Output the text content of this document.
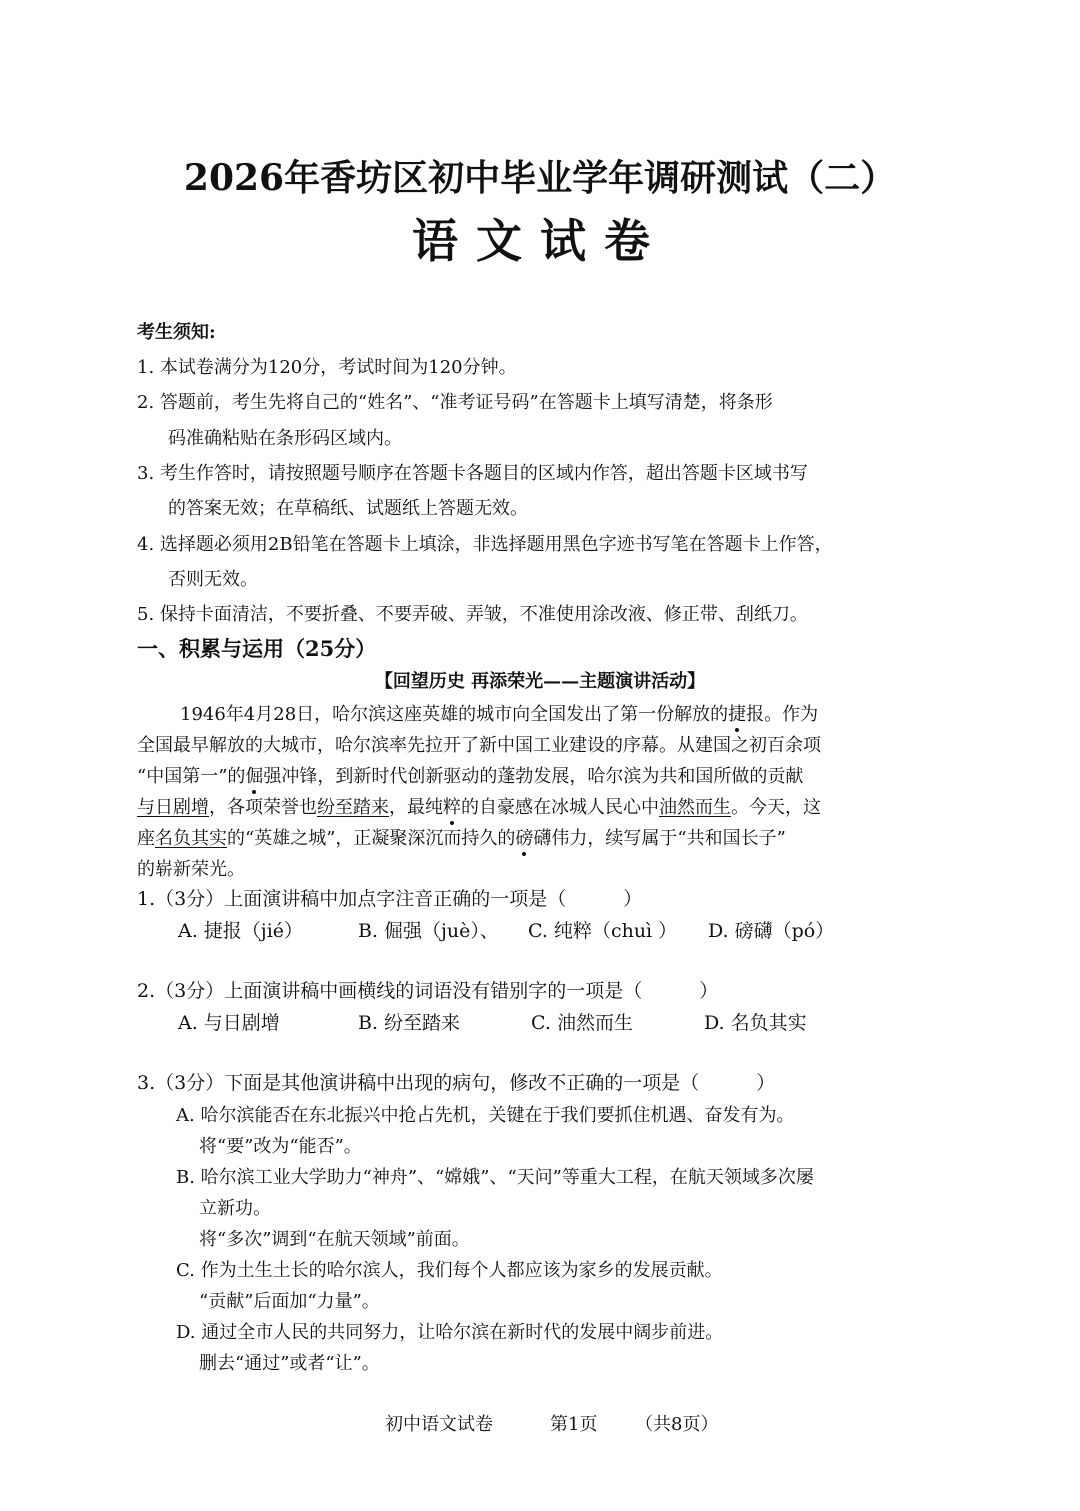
2026年香坊区初中毕业学年调研测试（二）
语文试卷
考生须知:
1. 本试卷满分为120分，考试时间为120分钟。
2. 答题前，考生先将自己的“姓名”、“准考证号码”在答题卡上填写清楚，将条形
码准确粘贴在条形码区域内。
3. 考生作答时，请按照题号顺序在答题卡各题目的区域内作答，超出答题卡区域书写
的答案无效；在草稿纸、试题纸上答题无效。
4. 选择题必须用2B铅笔在答题卡上填涂，非选择题用黑色字迹书写笔在答题卡上作答，
否则无效。
5. 保持卡面清洁，不要折叠、不要弄破、弄皱，不准使用涂改液、修正带、刮纸刀。
一、积累与运用（25分）
【回望历史 再添荣光——主题演讲活动】
1946年4月28日，哈尔滨这座英雄的城市向全国发出了第一份解放的捷报。作为
全国最早解放的大城市，哈尔滨率先拉开了新中国工业建设的序幕。从建国之初百余项
“中国第一”的倔强冲锋，到新时代创新驱动的蓬勃发展，哈尔滨为共和国所做的贡献
与日剧增，各项荣誉也纷至踏来，最纯粹的自豪感在冰城人民心中油然而生。今天，这
座名负其实的“英雄之城”，正凝聚深沉而持久的磅礴伟力，续写属于“共和国长子”
的崭新荣光。
1.（3分）上面演讲稿中加点字注音正确的一项是（　　　）
A. 捷报（jié）	B. 倔强（juè）、 C. 纯粹（chuì ） D. 磅礴（pó）
2.（3分）上面演讲稿中画横线的词语没有错别字的一项是（　　　）
A. 与日剧增	B. 纷至踏来	C. 油然而生	D. 名负其实
3.（3分）下面是其他演讲稿中出现的病句，修改不正确的一项是（　　　）
A. 哈尔滨能否在东北振兴中抢占先机，关键在于我们要抓住机遇、奋发有为。
将“要”改为“能否”。
B. 哈尔滨工业大学助力“神舟”、“嫦娥”、“天问”等重大工程，在航天领域多次屡
立新功。
将“多次”调到“在航天领域”前面。
C. 作为土生土长的哈尔滨人，我们每个人都应该为家乡的发展贡献。
“贡献”后面加“力量”。
D. 通过全市人民的共同努力，让哈尔滨在新时代的发展中阔步前进。
删去“通过”或者“让”。
初中语文试卷	第1页 （共8页）
